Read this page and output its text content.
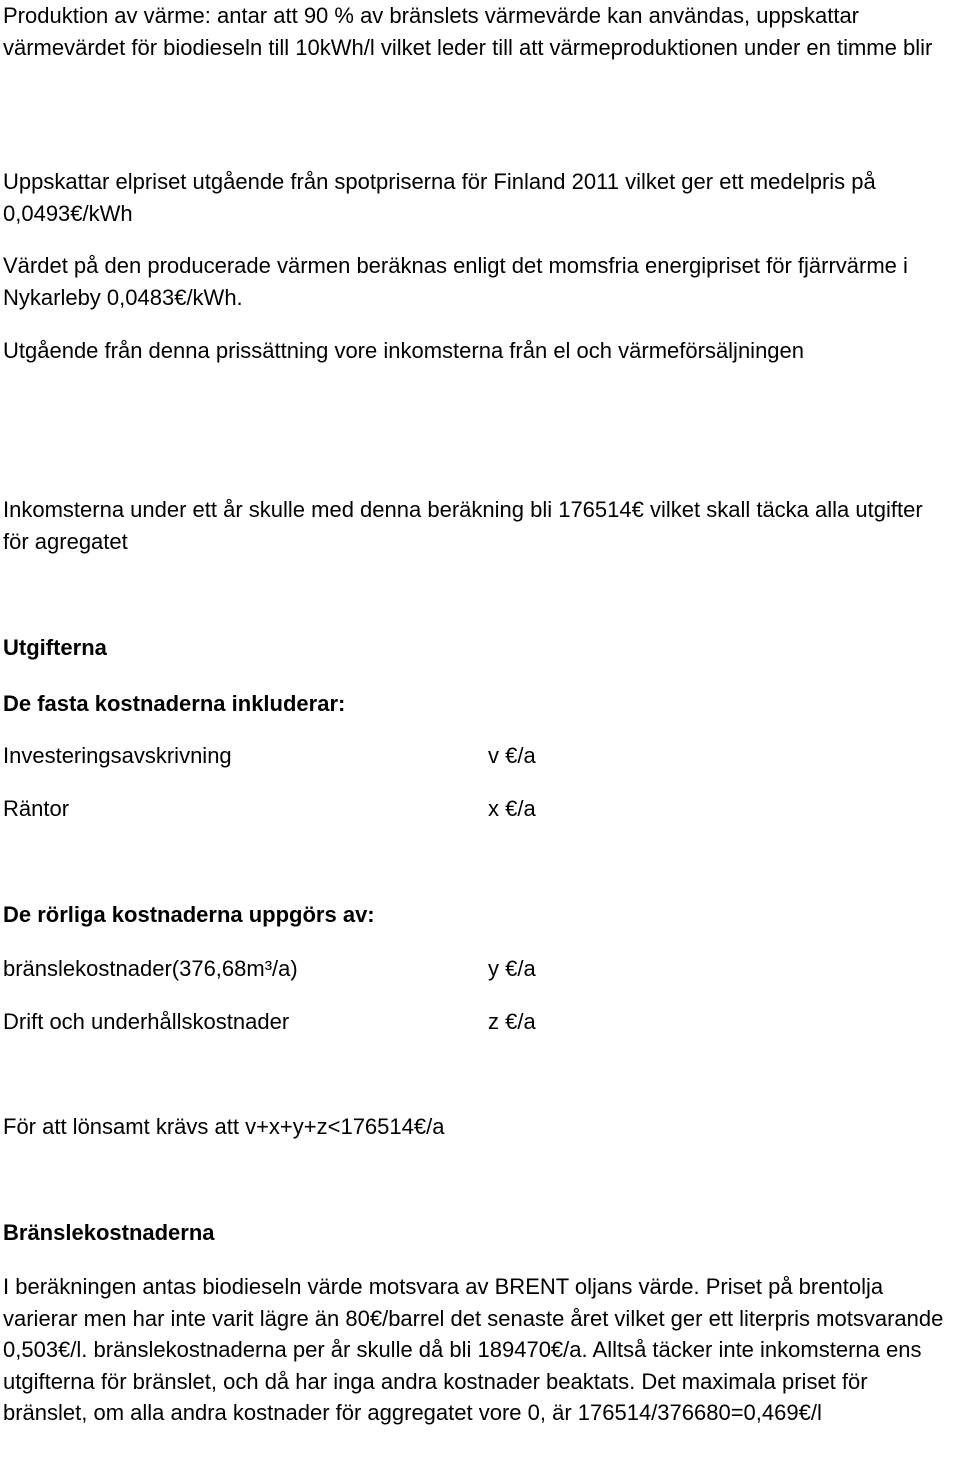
Produktion av värme: antar att 90 % av bränslets värmevärde kan användas, uppskattar värmevärdet för biodieseln till 10kWh/l vilket leder till att värmeproduktionen under en timme blir

Uppskattar elpriset utgående från spotpriserna för Finland 2011 vilket ger ett medelpris på 0,0493€/kWh

Värdet på den producerade värmen beräknas enligt det momsfria energipriset för fjärrvärme i Nykarleby 0,0483€/kWh.

Utgående från denna prissättning vore inkomsterna från el och värmeförsäljningen

Inkomsterna under ett år skulle med denna beräkning bli 176514€ vilket skall täcka alla utgifter för agregatet

Utgifterna

De fasta kostnaderna inkluderar:

Investeringsavskrivning	v €/a
Räntor	x €/a

De rörliga kostnaderna uppgörs av:

bränslekostnader(376,68m³/a)	y €/a
Drift och underhållskostnader	z €/a

För att lönsamt krävs att v+x+y+z<176514€/a

Bränslekostnaderna

I beräkningen antas biodieseln värde motsvara av BRENT oljans värde. Priset på brentolja varierar men har inte varit lägre än 80€/barrel det senaste året vilket ger ett literpris motsvarande 0,503€/l. bränslekostnaderna per år skulle då bli 189470€/a. Alltså täcker inte inkomsterna ens utgifterna för bränslet, och då har inga andra kostnader beaktats. Det maximala priset för bränslet, om alla andra kostnader för aggregatet vore 0, är 176514/376680=0,469€/l
